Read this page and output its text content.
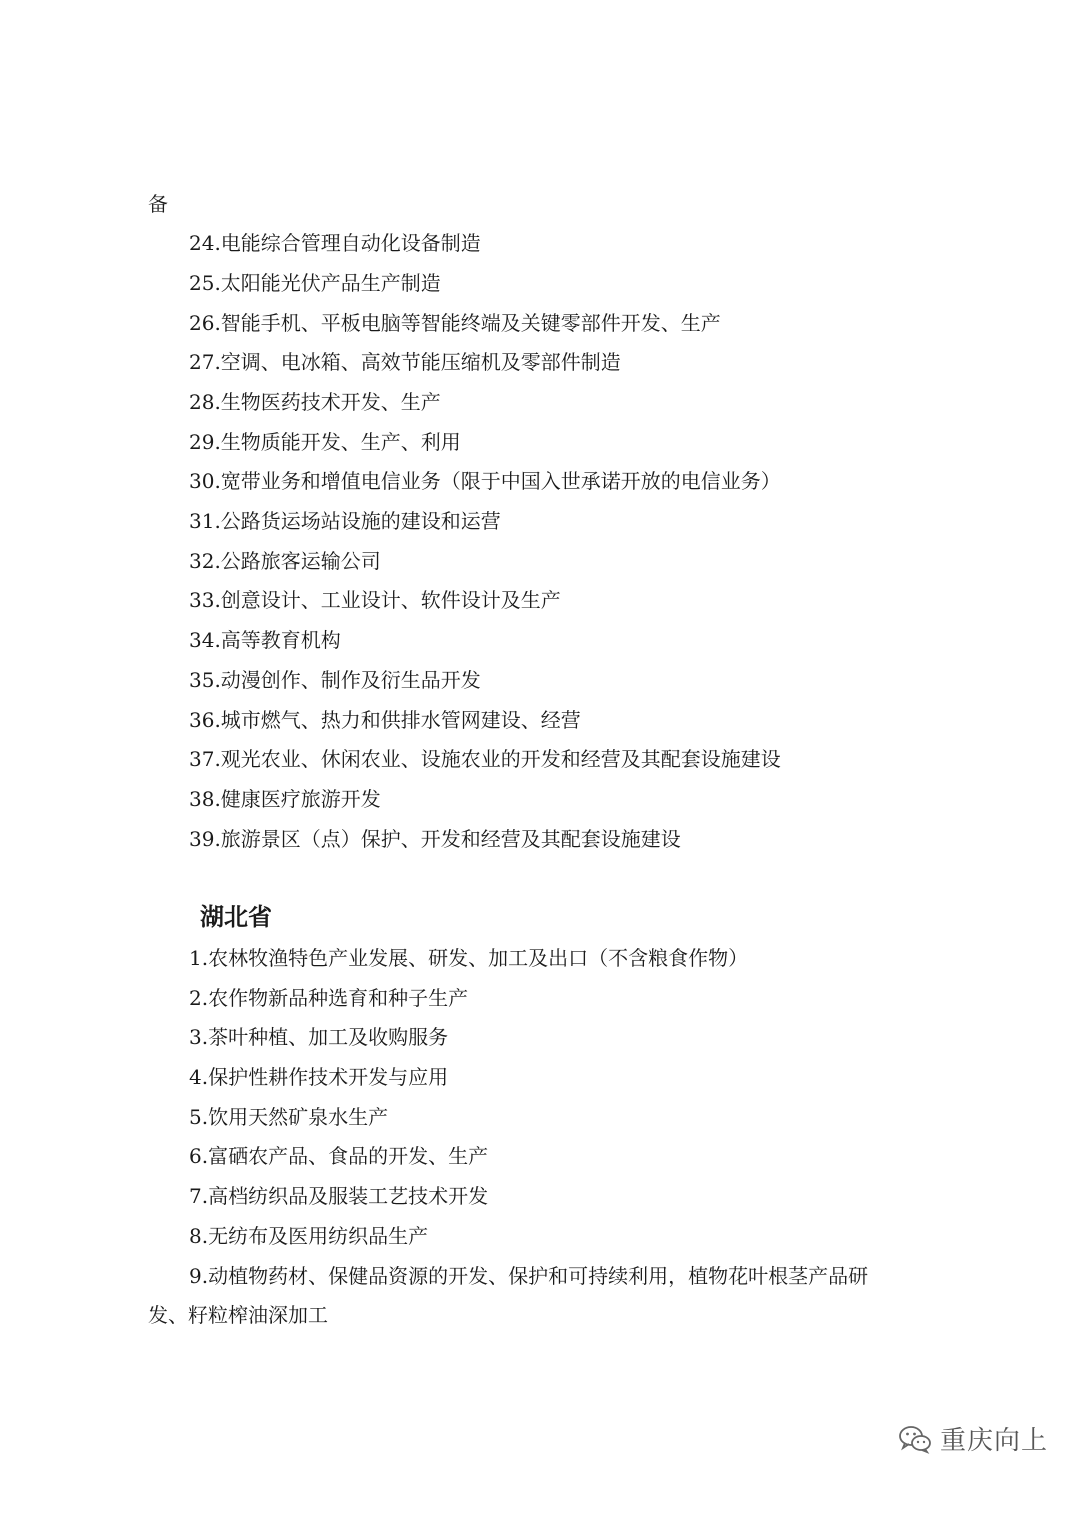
备
24.电能综合管理自动化设备制造
25.太阳能光伏产品生产制造
26.智能手机、平板电脑等智能终端及关键零部件开发、生产
27.空调、电冰箱、高效节能压缩机及零部件制造
28.生物医药技术开发、生产
29.生物质能开发、生产、利用
30.宽带业务和增值电信业务（限于中国入世承诺开放的电信业务）
31.公路货运场站设施的建设和运营
32.公路旅客运输公司
33.创意设计、工业设计、软件设计及生产
34.高等教育机构
35.动漫创作、制作及衍生品开发
36.城市燃气、热力和供排水管网建设、经营
37.观光农业、休闲农业、设施农业的开发和经营及其配套设施建设
38.健康医疗旅游开发
39.旅游景区（点）保护、开发和经营及其配套设施建设
湖北省
1.农林牧渔特色产业发展、研发、加工及出口（不含粮食作物）
2.农作物新品种选育和种子生产
3.茶叶种植、加工及收购服务
4.保护性耕作技术开发与应用
5.饮用天然矿泉水生产
6.富硒农产品、食品的开发、生产
7.高档纺织品及服装工艺技术开发
8.无纺布及医用纺织品生产
9.动植物药材、保健品资源的开发、保护和可持续利用，植物花叶根茎产品研
发、籽粒榨油深加工
重庆向上
